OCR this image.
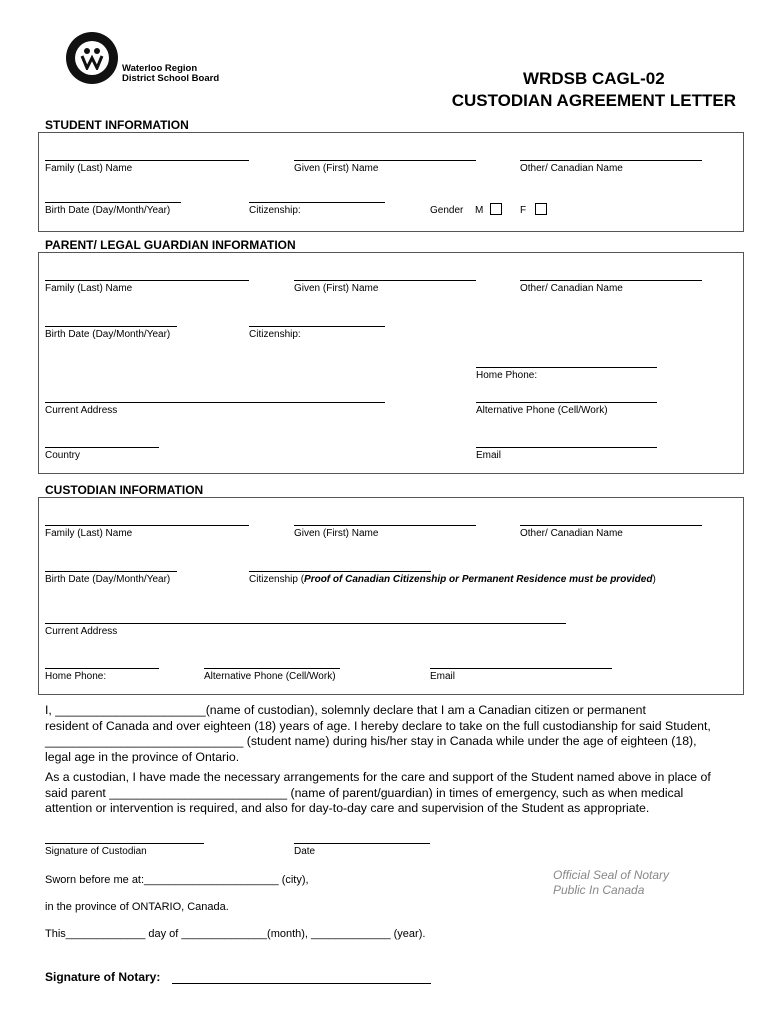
Waterloo Region
District School Board	WRDSB CAGL-02
CUSTODIAN AGREEMENT LETTER
STUDENT INFORMATION
Family (Last) Name	Given (First) Name	Other/ Canadian Name
Birth Date (Day/Month/Year)	Citizenship:	Gender M	F
PARENT/ LEGAL GUARDIAN INFORMATION
Family (Last) Name	Given (First) Name	Other/ Canadian Name
Birth Date (Day/Month/Year)	Citizenship:
Home Phone:
Current Address	Alternative Phone (Cell/Work)
Country	Email
CUSTODIAN INFORMATION
Family (Last) Name	Given (First) Name	Other/ Canadian Name
Birth Date (Day/Month/Year)	Citizenship (Proof of Canadian Citizenship or Permanent Residence must be provided)
Current Address
Home Phone:	Alternative Phone (Cell/Work)	Email
I, ______________________(name of custodian), solemnly declare that I am a Canadian citizen or permanent
resident of Canada and over eighteen (18) years of age. I hereby declare to take on the full custodianship for said Student,
_____________________________ (student name) during his/her stay in Canada while under the age of eighteen (18),
legal age in the province of Ontario.
As a custodian, I have made the necessary arrangements for the care and support of the Student named above in place of
said parent __________________________ (name of parent/guardian) in times of emergency, such as when medical
attention or intervention is required, and also for day-to-day care and supervision of the Student as appropriate.
Signature of Custodian	Date
Official Seal of Notary
Public In Canada
Sworn before me at:______________________ (city),
in the province of ONTARIO, Canada.
This_____________ day of ______________(month), _____________ (year).
Signature of Notary:
